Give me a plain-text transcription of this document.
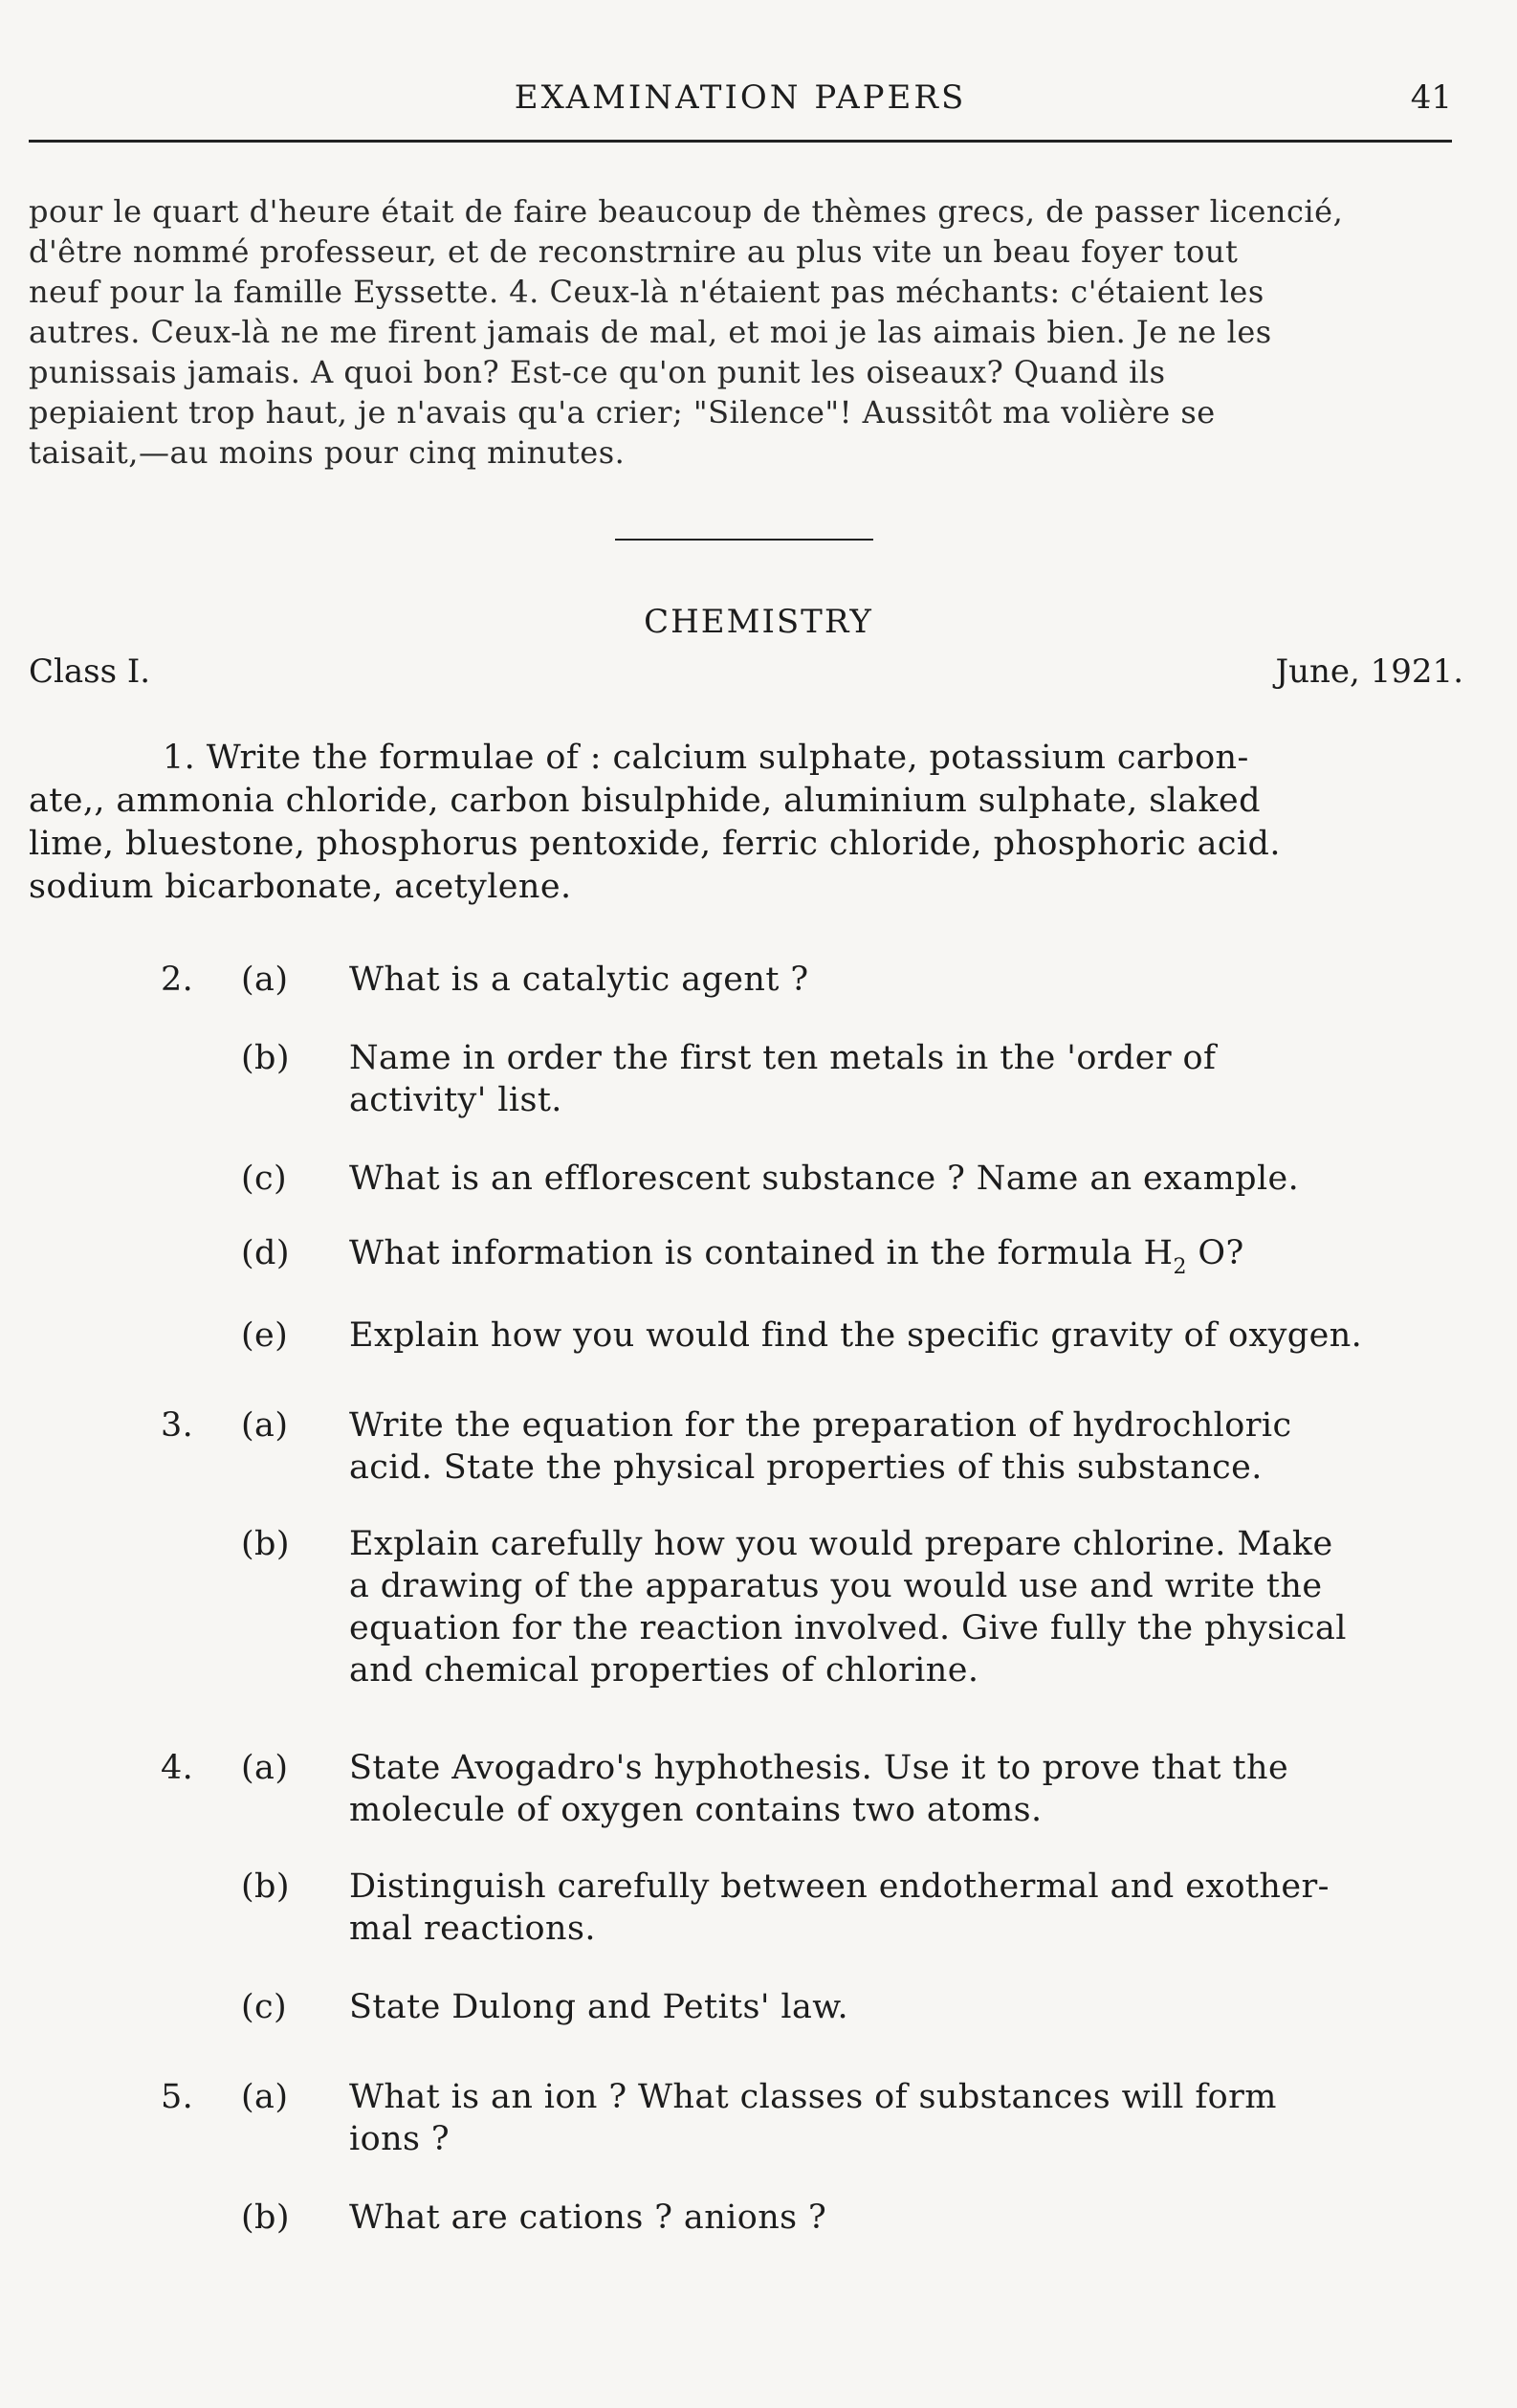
EXAMINATION PAPERS	41
pour le quart d'heure était de faire beaucoup de thèmes grecs, de passer licencié,
d'être nommé professeur, et de reconstrnire au plus vite un beau foyer tout
neuf pour la famille Eyssette. 4. Ceux-là n'étaient pas méchants: c'étaient les
autres. Ceux-là ne me firent jamais de mal, et moi je las aimais bien. Je ne les
punissais jamais. A quoi bon? Est-ce qu'on punit les oiseaux? Quand ils
pepiaient trop haut, je n'avais qu'a crier; "Silence"! Aussitôt ma volière se
taisait,—au moins pour cinq minutes.
CHEMISTRY
Class I.	June, 1921.
1. Write the formulae of : calcium sulphate, potassium carbon-
ate,, ammonia chloride, carbon bisulphide, aluminium sulphate, slaked
lime, bluestone, phosphorus pentoxide, ferric chloride, phosphoric acid.
sodium bicarbonate, acetylene.
2. (a) What is a catalytic agent ?
(b) Name in order the first ten metals in the 'order of
activity' list.
(c) What is an efflorescent substance ? Name an example.
(d) What information is contained in the formula $H_2$ O?
(e) Explain how you would find the specific gravity of oxygen.
3. (a) Write the equation for the preparation of hydrochloric
acid. State the physical properties of this substance.
(b) Explain carefully how you would prepare chlorine. Make
a drawing of the apparatus you would use and write the
equation for the reaction involved. Give fully the physical
and chemical properties of chlorine.
4. (a) State Avogadro's hyphothesis. Use it to prove that the
molecule of oxygen contains two atoms.
(b) Distinguish carefully between endothermal and exother-
mal reactions.
(c) State Dulong and Petits' law.
5. (a) What is an ion ? What classes of substances will form
ions ?
(b) What are cations ? anions ?
